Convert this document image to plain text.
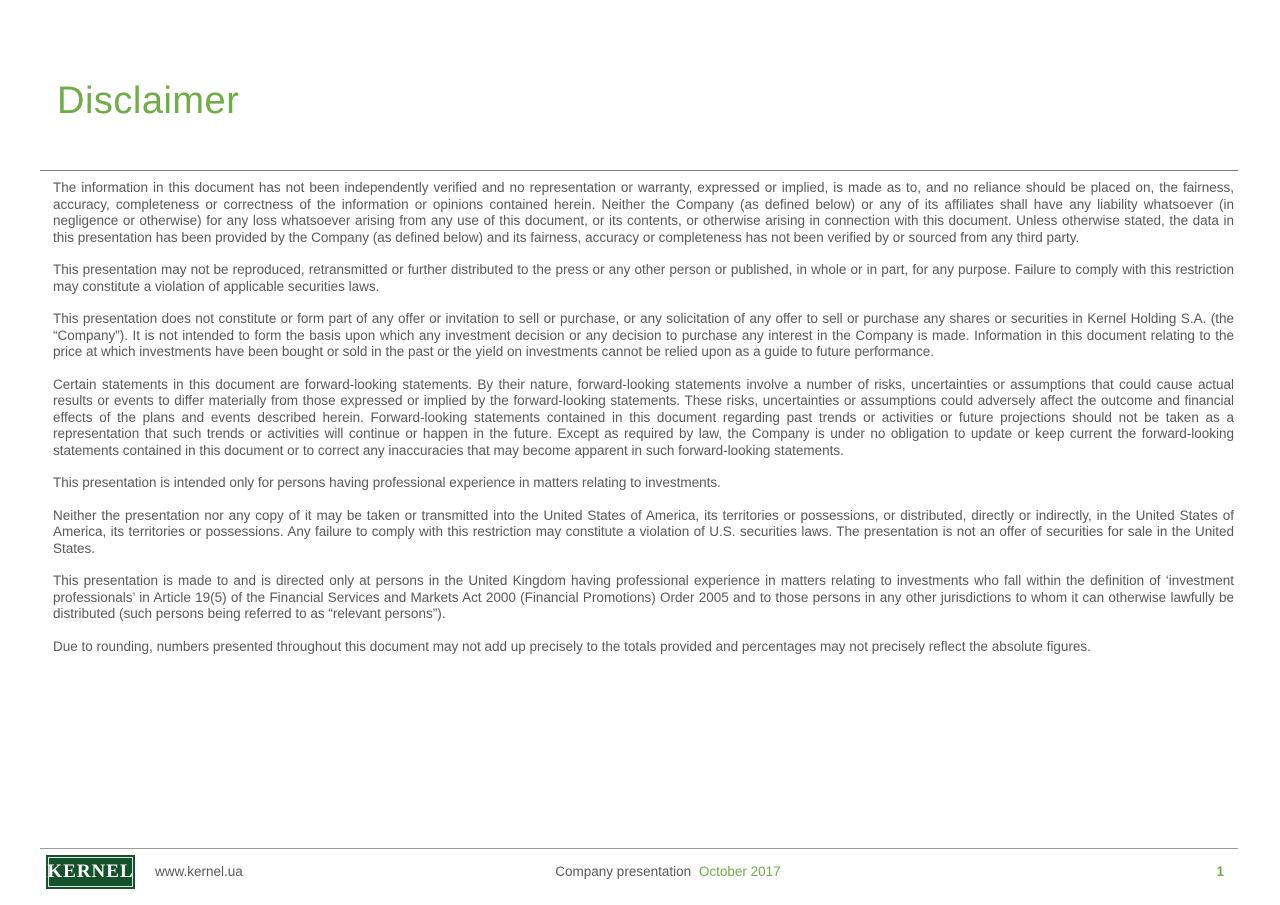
Disclaimer

The information in this document has not been independently verified and no representation or warranty, expressed or implied, is made as to, and no reliance should be placed on, the fairness, accuracy, completeness or correctness of the information or opinions contained herein. Neither the Company (as defined below) or any of its affiliates shall have any liability whatsoever (in negligence or otherwise) for any loss whatsoever arising from any use of this document, or its contents, or otherwise arising in connection with this document. Unless otherwise stated, the data in this presentation has been provided by the Company (as defined below) and its fairness, accuracy or completeness has not been verified by or sourced from any third party.

This presentation may not be reproduced, retransmitted or further distributed to the press or any other person or published, in whole or in part, for any purpose. Failure to comply with this restriction may constitute a violation of applicable securities laws.

This presentation does not constitute or form part of any offer or invitation to sell or purchase, or any solicitation of any offer to sell or purchase any shares or securities in Kernel Holding S.A. (the “Company”). It is not intended to form the basis upon which any investment decision or any decision to purchase any interest in the Company is made. Information in this document relating to the price at which investments have been bought or sold in the past or the yield on investments cannot be relied upon as a guide to future performance.

Certain statements in this document are forward-looking statements. By their nature, forward-looking statements involve a number of risks, uncertainties or assumptions that could cause actual results or events to differ materially from those expressed or implied by the forward-looking statements. These risks, uncertainties or assumptions could adversely affect the outcome and financial effects of the plans and events described herein. Forward-looking statements contained in this document regarding past trends or activities or future projections should not be taken as a representation that such trends or activities will continue or happen in the future. Except as required by law, the Company is under no obligation to update or keep current the forward-looking statements contained in this document or to correct any inaccuracies that may become apparent in such forward-looking statements.

This presentation is intended only for persons having professional experience in matters relating to investments.

Neither the presentation nor any copy of it may be taken or transmitted into the United States of America, its territories or possessions, or distributed, directly or indirectly, in the United States of America, its territories or possessions. Any failure to comply with this restriction may constitute a violation of U.S. securities laws. The presentation is not an offer of securities for sale in the United States.

This presentation is made to and is directed only at persons in the United Kingdom having professional experience in matters relating to investments who fall within the definition of ‘investment professionals’ in Article 19(5) of the Financial Services and Markets Act 2000 (Financial Promotions) Order 2005 and to those persons in any other jurisdictions to whom it can otherwise lawfully be distributed (such persons being referred to as “relevant persons”).

Due to rounding, numbers presented throughout this document may not add up precisely to the totals provided and percentages may not precisely reflect the absolute figures.

KERNEL www.kernel.ua	Company presentation October 2017	1
